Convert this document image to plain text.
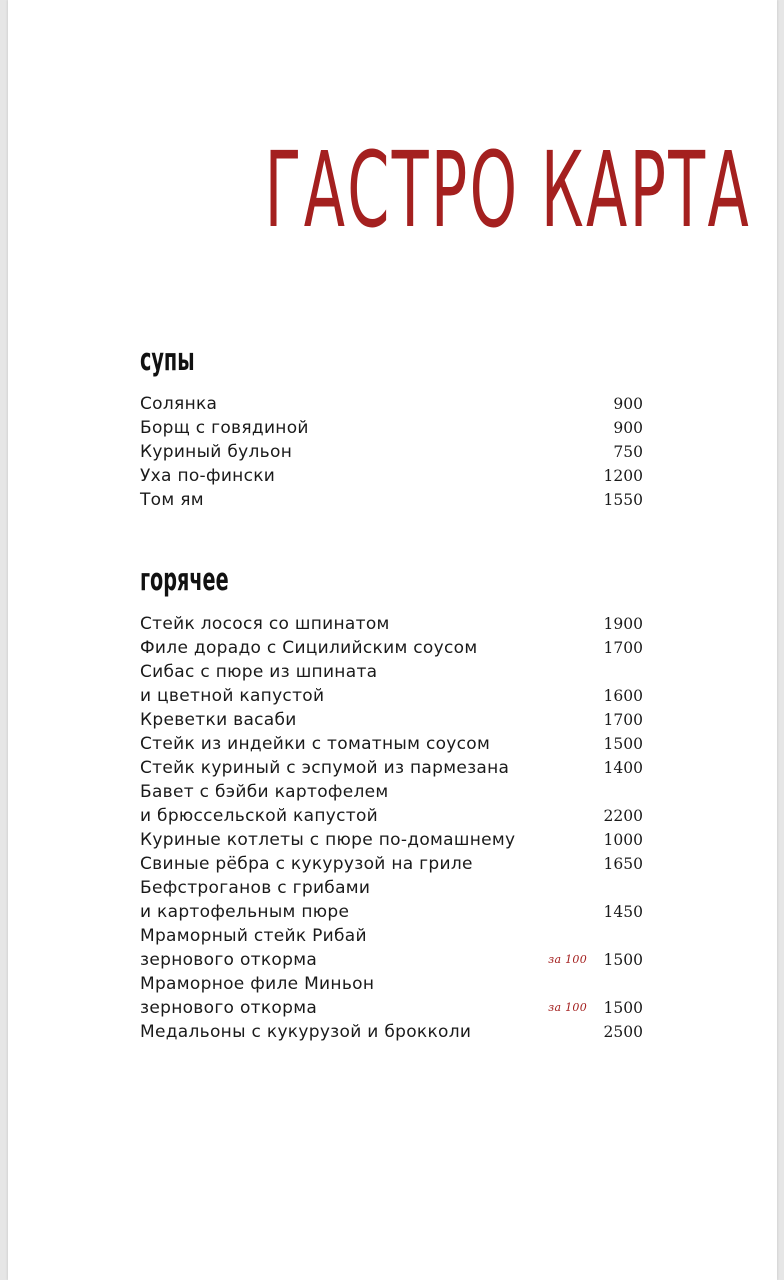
ГАСТРО КАРТА
супы
Солянка	900
Борщ с говядиной	900
Куриный бульон	750
Уха по-фински	1200
Том ям	1550
горячее
Стейк лосося со шпинатом	1900
Филе дорадо с Сицилийским соусом	1700
Сибас с пюре из шпината
и цветной капустой	1600
Креветки васаби	1700
Стейк из индейки с томатным соусом	1500
Стейк куриный с эспумой из пармезана	1400
Бавет с бэйби картофелем
и брюссельской капустой	2200
Куриные котлеты с пюре по-домашнему	1000
Свиные рёбра с кукурузой на гриле	1650
Бефстроганов с грибами
и картофельным пюре	1450
Мраморный стейк Рибай
зернового откорма	за 100 1500
Мраморное филе Миньон
зернового откорма	за 100 1500
Медальоны с кукурузой и брокколи	2500
